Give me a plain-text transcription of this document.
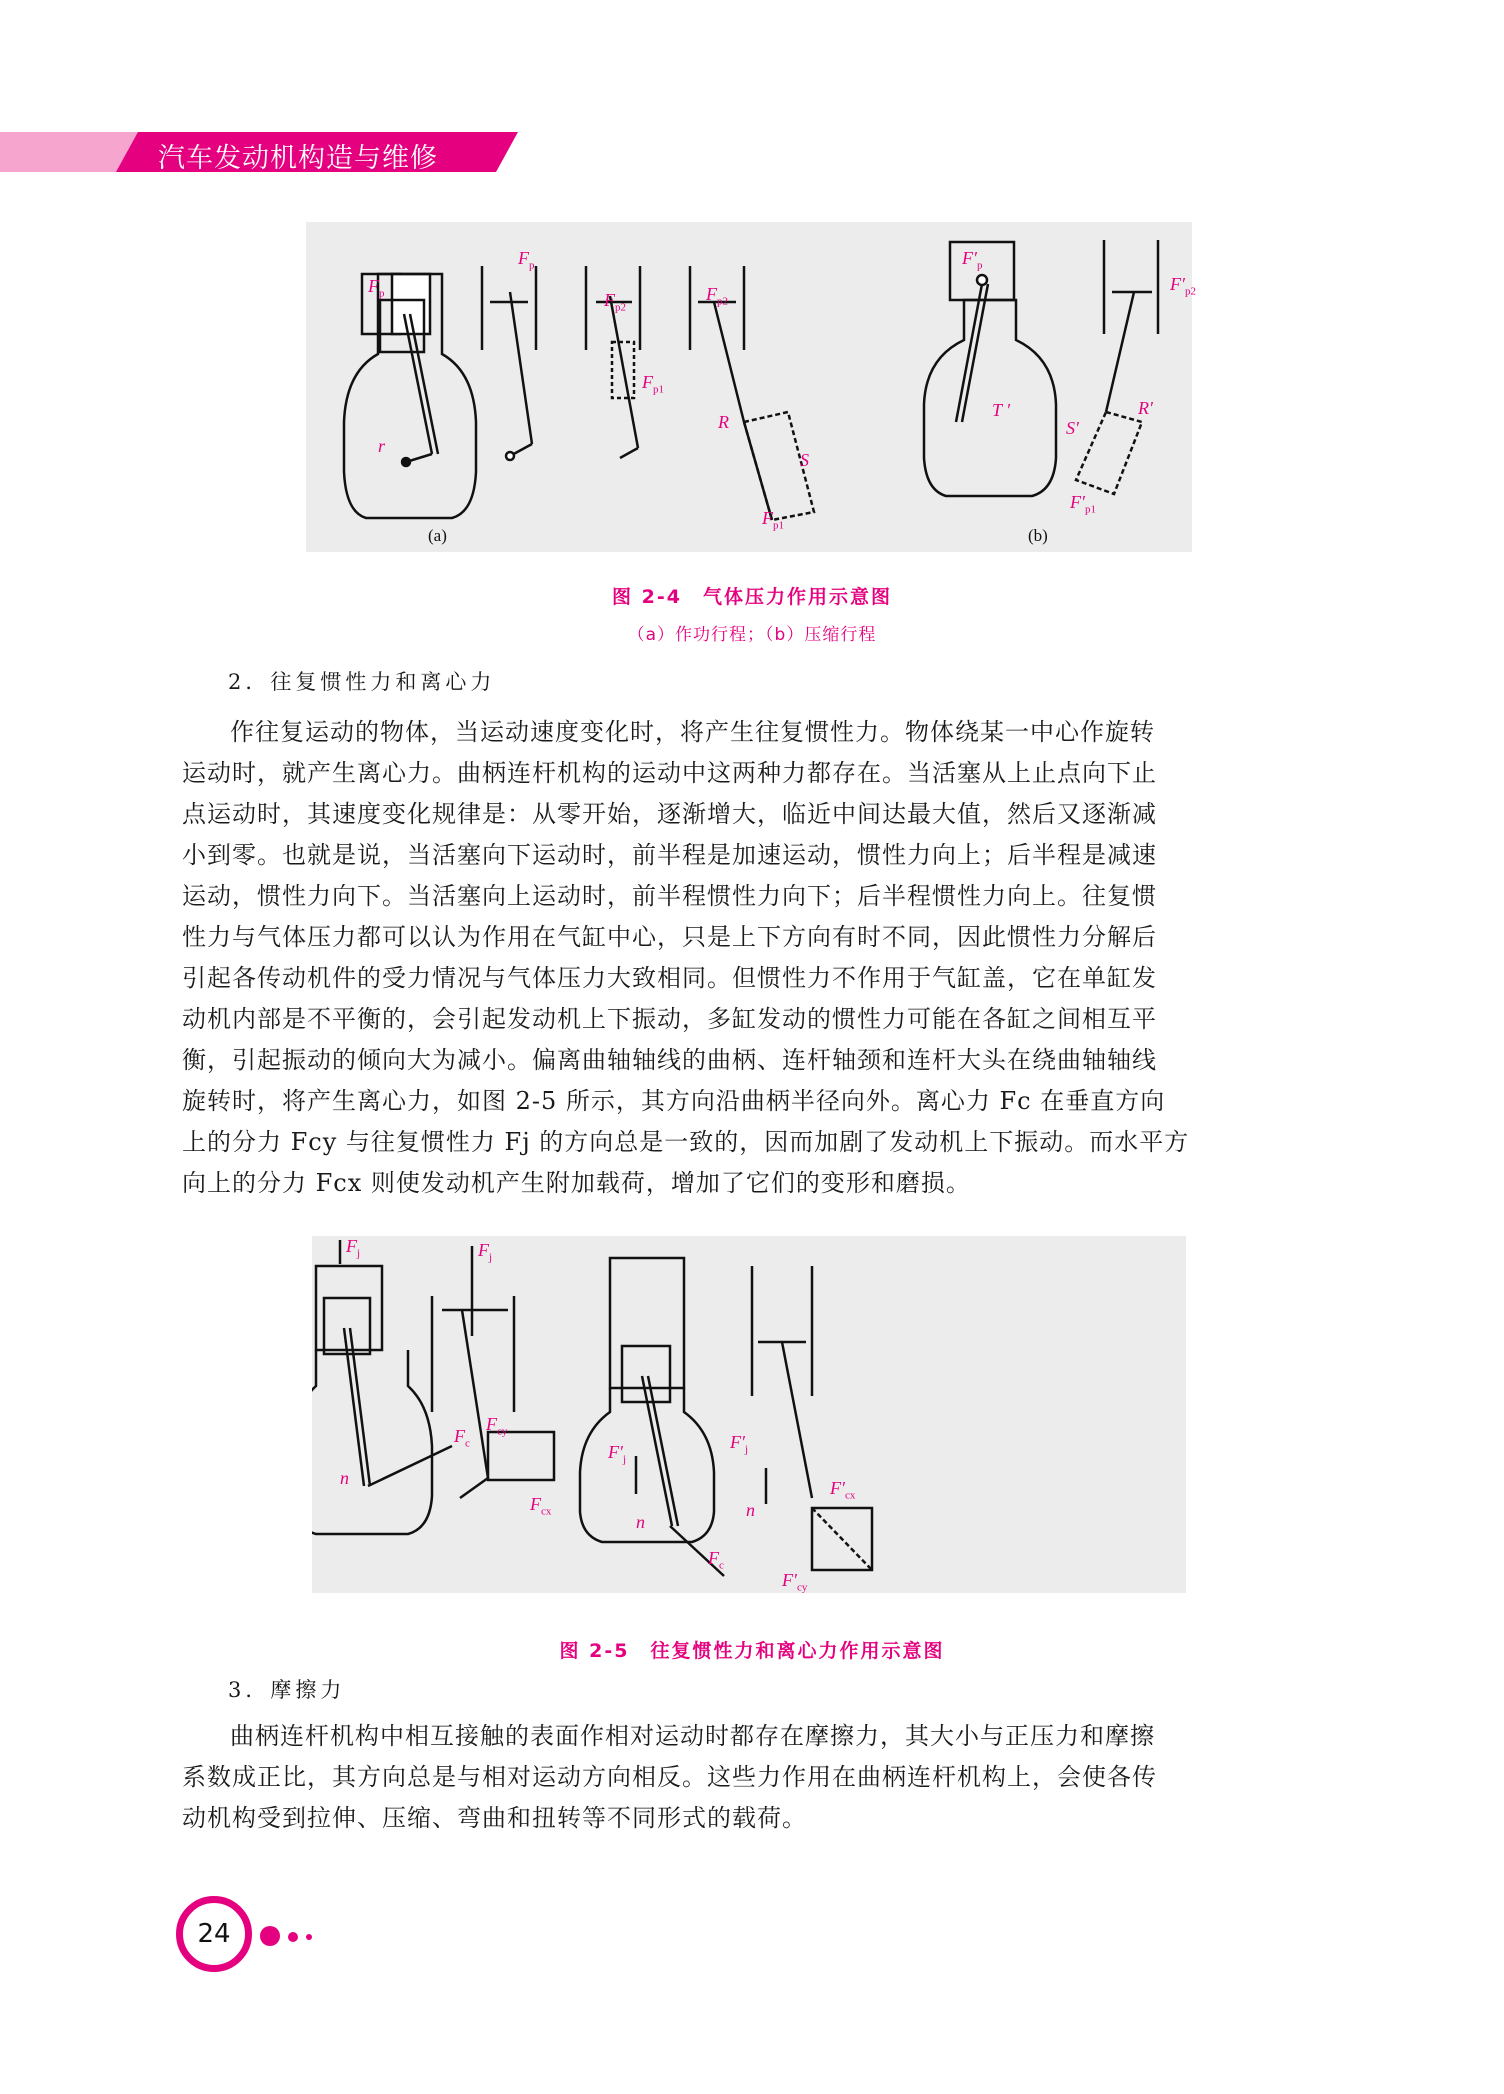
汽车发动机构造与维修
(a)	(b)
$F_p$
$F_p$
$F_{p2}$
$F_{p1}$
$F_{p2}$
r
R
S
$F_{p1}$
T ′	R′
S′
$F'_{p1}$
$F'_{p2}$
$F'_p$
图 2-4　气体压力作用示意图
（a）作功行程；（b）压缩行程
2．往复惯性力和离心力
作往复运动的物体，当运动速度变化时，将产生往复惯性力。物体绕某一中心作旋转
运动时，就产生离心力。曲柄连杆机构的运动中这两种力都存在。当活塞从上止点向下止
点运动时，其速度变化规律是：从零开始，逐渐增大，临近中间达最大值，然后又逐渐减
小到零。也就是说，当活塞向下运动时，前半程是加速运动，惯性力向上；后半程是减速
运动，惯性力向下。当活塞向上运动时，前半程惯性力向下；后半程惯性力向上。往复惯
性力与气体压力都可以认为作用在气缸中心，只是上下方向有时不同，因此惯性力分解后
引起各传动机件的受力情况与气体压力大致相同。但惯性力不作用于气缸盖，它在单缸发
动机内部是不平衡的，会引起发动机上下振动，多缸发动的惯性力可能在各缸之间相互平
衡，引起振动的倾向大为减小。偏离曲轴轴线的曲柄、连杆轴颈和连杆大头在绕曲轴轴线
旋转时，将产生离心力，如图 2-5 所示，其方向沿曲柄半径向外。离心力 Fc 在垂直方向
上的分力 Fcy 与往复惯性力 Fj 的方向总是一致的，因而加剧了发动机上下振动。而水平方
向上的分力 Fcx 则使发动机产生附加载荷，增加了它们的变形和磨损。
$F_j$	$F_j$
$F_c$
n
$F_{cy}$
$F_{cx}$
$F'_j$
n
$F_c$
$F'_j$
n
$F'_{cx}$
$F'_{cy}$
图 2-5　往复惯性力和离心力作用示意图
3．摩擦力
曲柄连杆机构中相互接触的表面作相对运动时都存在摩擦力，其大小与正压力和摩擦
系数成正比，其方向总是与相对运动方向相反。这些力作用在曲柄连杆机构上，会使各传
动机构受到拉伸、压缩、弯曲和扭转等不同形式的载荷。
24
